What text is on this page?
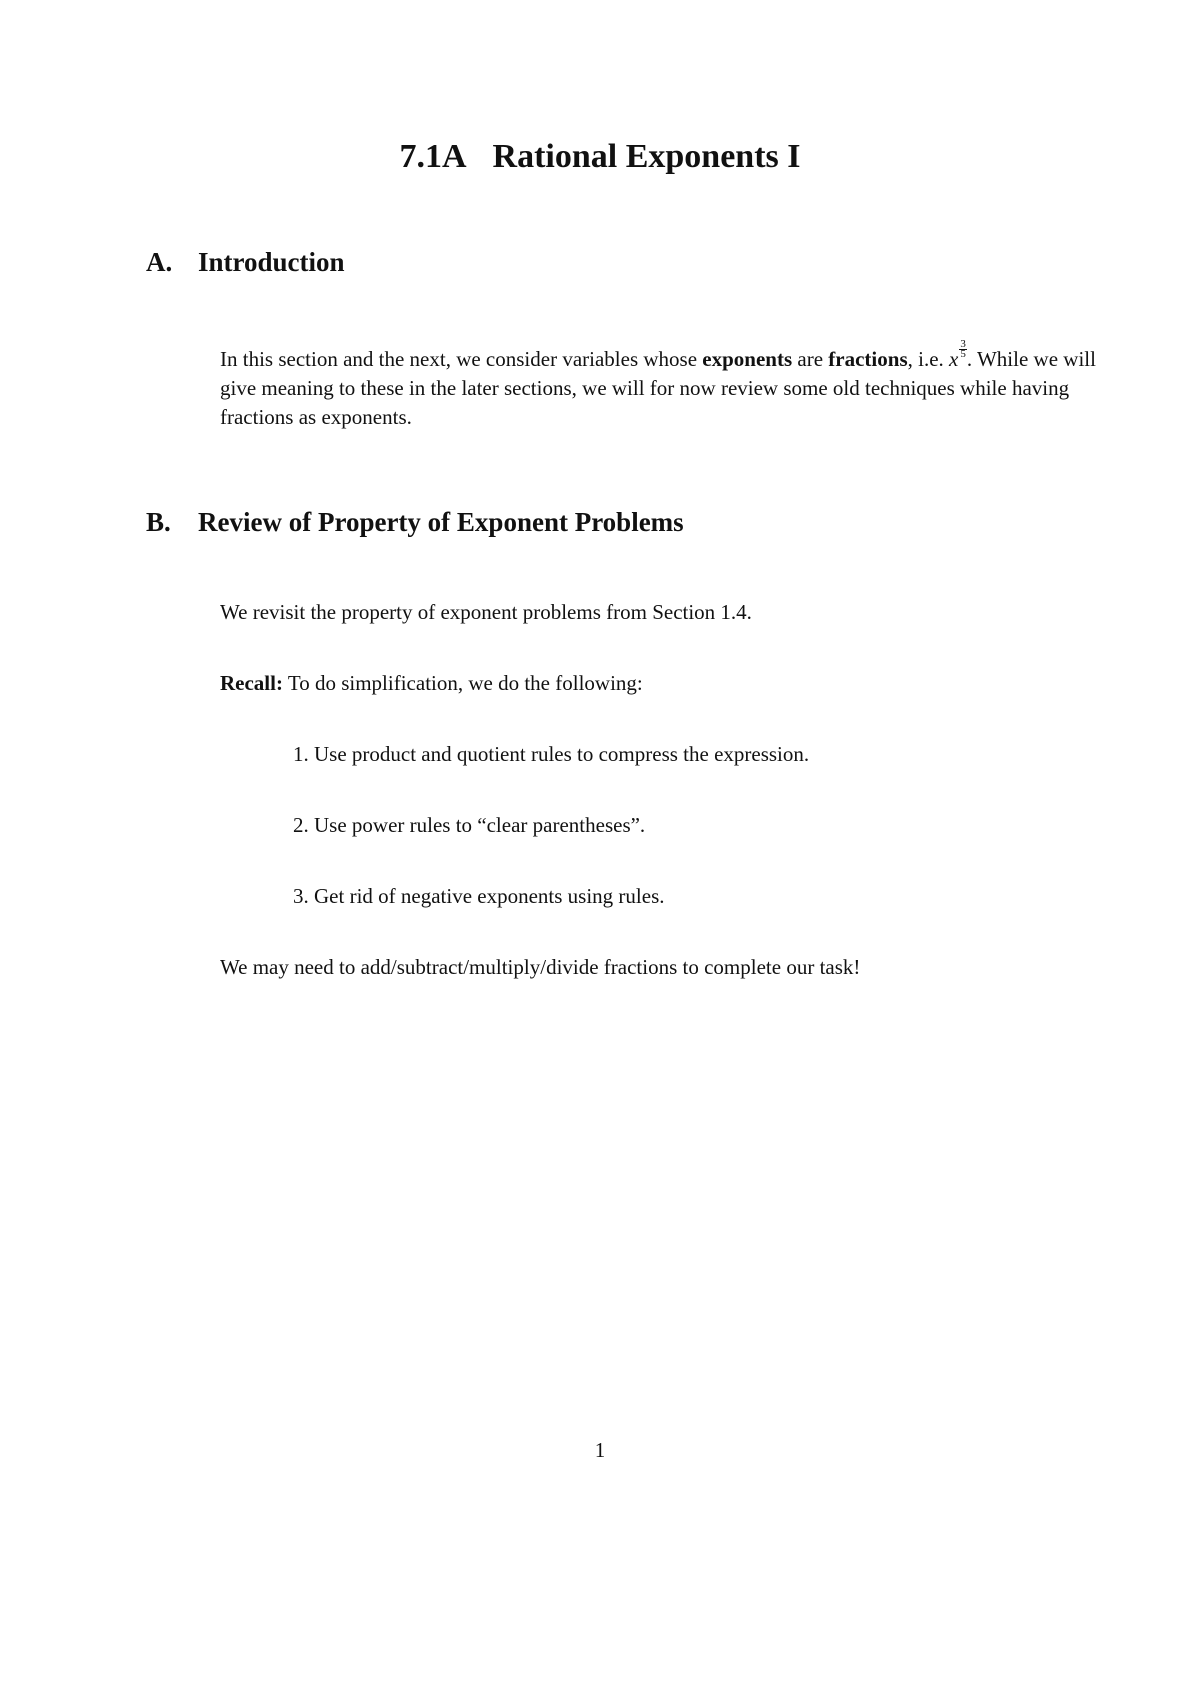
7.1A Rational Exponents I
A. Introduction
In this section and the next, we consider variables whose exponents are fractions, i.e. x $\frac{3}{5}$ . While we will give meaning to these in the later sections, we will for now review some old techniques while having fractions as exponents.
B. Review of Property of Exponent Problems
We revisit the property of exponent problems from Section 1.4.
Recall: To do simplification, we do the following:
1. Use product and quotient rules to compress the expression.
2. Use power rules to “clear parentheses”.
3. Get rid of negative exponents using rules.
We may need to add/subtract/multiply/divide fractions to complete our task!
1
